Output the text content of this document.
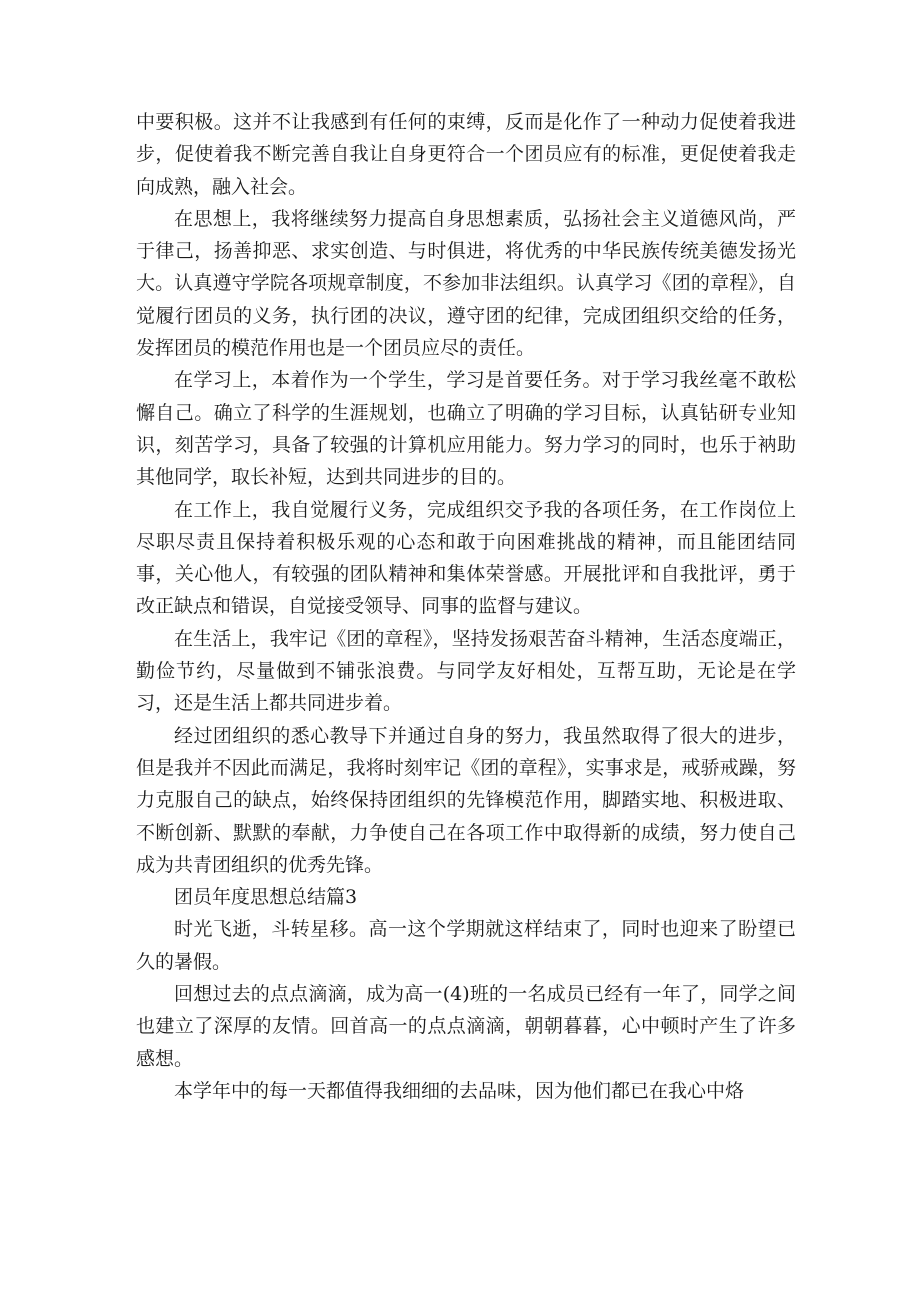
中要积极。这并不让我感到有任何的束缚，反而是化作了一种动力促使着我进步，促使着我不断完善自我让自身更符合一个团员应有的标准，更促使着我走向成熟，融入社会。

在思想上，我将继续努力提高自身思想素质，弘扬社会主义道德风尚，严于律己，扬善抑恶、求实创造、与时俱进，将优秀的中华民族传统美德发扬光大。认真遵守学院各项规章制度，不参加非法组织。认真学习《团的章程》，自觉履行团员的义务，执行团的决议，遵守团的纪律，完成团组织交给的任务，发挥团员的模范作用也是一个团员应尽的责任。

在学习上，本着作为一个学生，学习是首要任务。对于学习我丝毫不敢松懈自己。确立了科学的生涯规划，也确立了明确的学习目标，认真钻研专业知识，刻苦学习，具备了较强的计算机应用能力。努力学习的同时，也乐于衲助其他同学，取长补短，达到共同进步的目的。

在工作上，我自觉履行义务，完成组织交予我的各项任务，在工作岗位上尽职尽责且保持着积极乐观的心态和敢于向困难挑战的精神，而且能团结同事，关心他人，有较强的团队精神和集体荣誉感。开展批评和自我批评，勇于改正缺点和错误，自觉接受领导、同事的监督与建议。

在生活上，我牢记《团的章程》，坚持发扬艰苦奋斗精神，生活态度端正，勤俭节约，尽量做到不铺张浪费。与同学友好相处，互帮互助，无论是在学习，还是生活上都共同进步着。

经过团组织的悉心教导下并通过自身的努力，我虽然取得了很大的进步，但是我并不因此而满足，我将时刻牢记《团的章程》，实事求是，戒骄戒躁，努力克服自己的缺点，始终保持团组织的先锋模范作用，脚踏实地、积极进取、不断创新、默默的奉献，力争使自己在各项工作中取得新的成绩，努力使自己成为共青团组织的优秀先锋。

团员年度思想总结篇3

时光飞逝，斗转星移。高一这个学期就这样结束了，同时也迎来了盼望已久的暑假。

回想过去的点点滴滴，成为高一(4)班的一名成员已经有一年了，同学之间也建立了深厚的友情。回首高一的点点滴滴，朝朝暮暮，心中顿时产生了许多感想。

本学年中的每一天都值得我细细的去品味，因为他们都已在我心中烙
